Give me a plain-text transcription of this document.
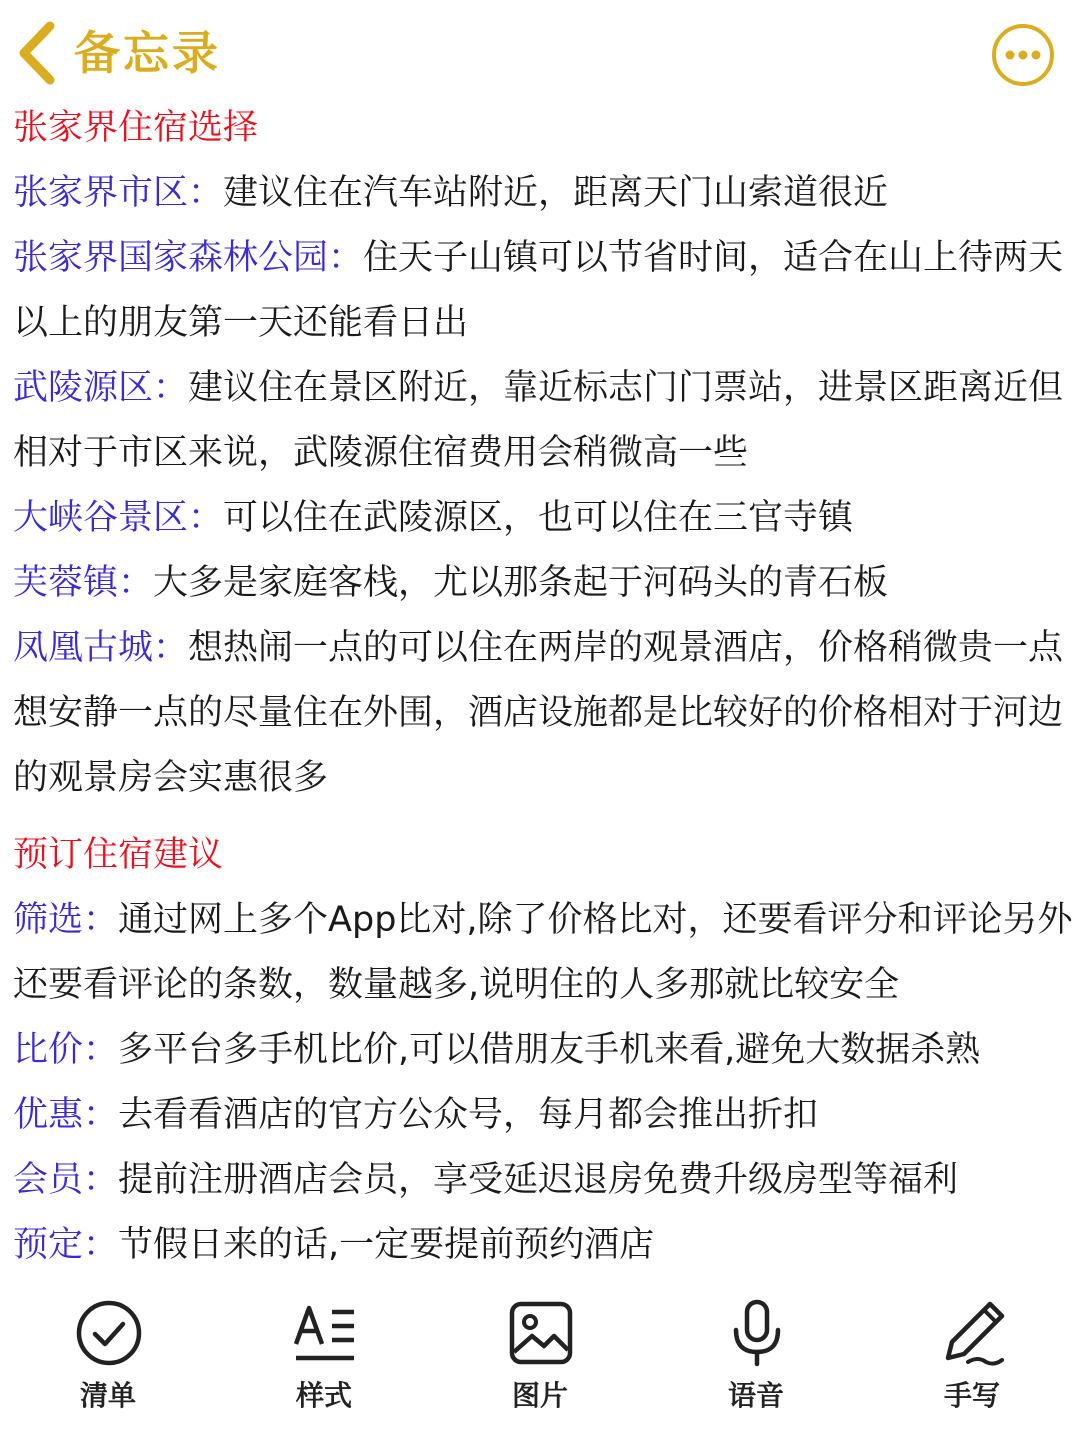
备忘录
张家界住宿选择
张家界市区：建议住在汽车站附近，距离天门山索道很近
张家界国家森林公园：住天子山镇可以节省时间，适合在山上待两天
以上的朋友第一天还能看日出
武陵源区：建议住在景区附近，靠近标志门门票站，进景区距离近但
相对于市区来说，武陵源住宿费用会稍微高一些
大峡谷景区：可以住在武陵源区，也可以住在三官寺镇
芙蓉镇：大多是家庭客栈，尤以那条起于河码头的青石板
凤凰古城：想热闹一点的可以住在两岸的观景酒店，价格稍微贵一点
想安静一点的尽量住在外围，酒店设施都是比较好的价格相对于河边
的观景房会实惠很多
预订住宿建议
筛选：通过网上多个App比对,除了价格比对，还要看评分和评论另外
还要看评论的条数，数量越多,说明住的人多那就比较安全
比价：多平台多手机比价,可以借朋友手机来看,避免大数据杀熟
优惠：去看看酒店的官方公众号，每月都会推出折扣
会员：提前注册酒店会员，享受延迟退房免费升级房型等福利
预定：节假日来的话,一定要提前预约酒店
清单	样式	图片	语音	手写
